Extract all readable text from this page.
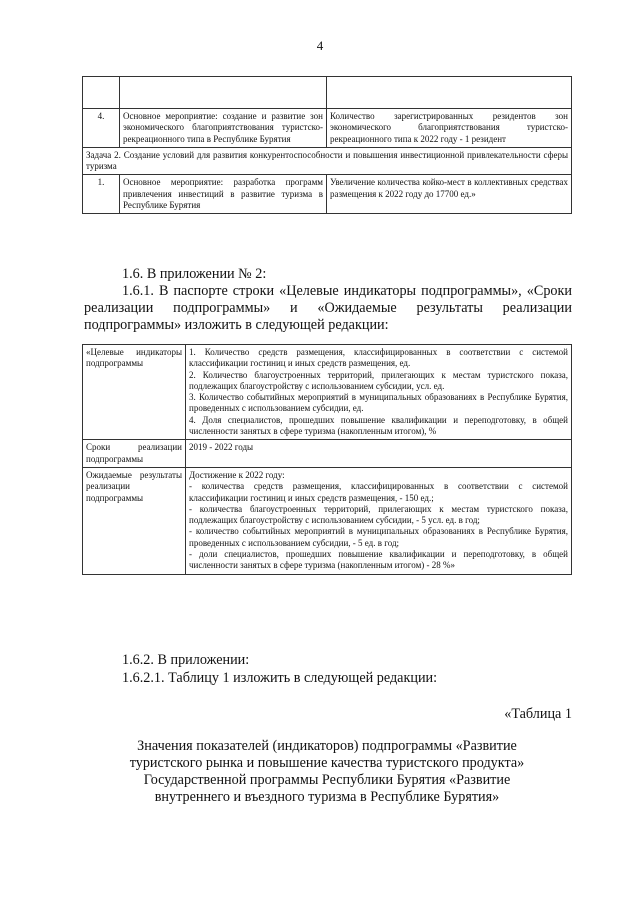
4

4.	Основное мероприятие: создание и развитие зон экономического благоприятствования туристско-рекреационного типа в Республике Бурятия	Количество зарегистрированных резидентов зон экономического благоприятствования туристско-рекреационного типа к 2022 году - 1 резидент
Задача 2. Создание условий для развития конкурентоспособности и повышения инвестиционной привлекательности сферы туризма		
1.	Основное мероприятие: разработка программ привлечения инвестиций в развитие туризма в Республике Бурятия	Увеличение количества койко-мест в коллективных средствах размещения к 2022 году до 17700 ед.»
1.6. В приложении № 2:
1.6.1. В паспорте строки «Целевые индикаторы подпрограммы», «Сроки реализации подпрограммы» и «Ожидаемые результаты реализации подпрограммы» изложить в следующей редакции:
«Целевые индикаторы подпрограммы	1. Количество средств размещения, классифицированных в соответствии с системой классификации гостиниц и иных средств размещения, ед.
2. Количество благоустроенных территорий, прилегающих к местам туристского показа, подлежащих благоустройству с использованием субсидии, усл. ед.
3. Количество событийных мероприятий в муниципальных образованиях в Республике Бурятия, проведенных с использованием субсидии, ед.
4. Доля специалистов, прошедших повышение квалификации и переподготовку, в общей численности занятых в сфере туризма (накопленным итогом), %

Сроки реализации подпрограммы	2019 - 2022 годы
Ожидаемые результаты реализации подпрограммы	Достижение к 2022 году:
- количества средств размещения, классифицированных в соответствии с системой классификации гостиниц и иных средств размещения, - 150 ед.;
- количества благоустроенных территорий, прилегающих к местам туристского показа, подлежащих благоустройству с использованием субсидии, - 5 усл. ед. в год;
- количество событийных мероприятий в муниципальных образованиях в Республике Бурятия, проведенных с использованием субсидии, - 5 ед. в год;
- доли специалистов, прошедших повышение квалификации и переподготовку, в общей численности занятых в сфере туризма (накопленным итогом) - 28 %»
1.6.2. В приложении:
1.6.2.1. Таблицу 1 изложить в следующей редакции:
«Таблица 1
Значения показателей (индикаторов) подпрограммы «Развитие
туристского рынка и повышение качества туристского продукта»
Государственной программы Республики Бурятия «Развитие
внутреннего и въездного туризма в Республике Бурятия»
